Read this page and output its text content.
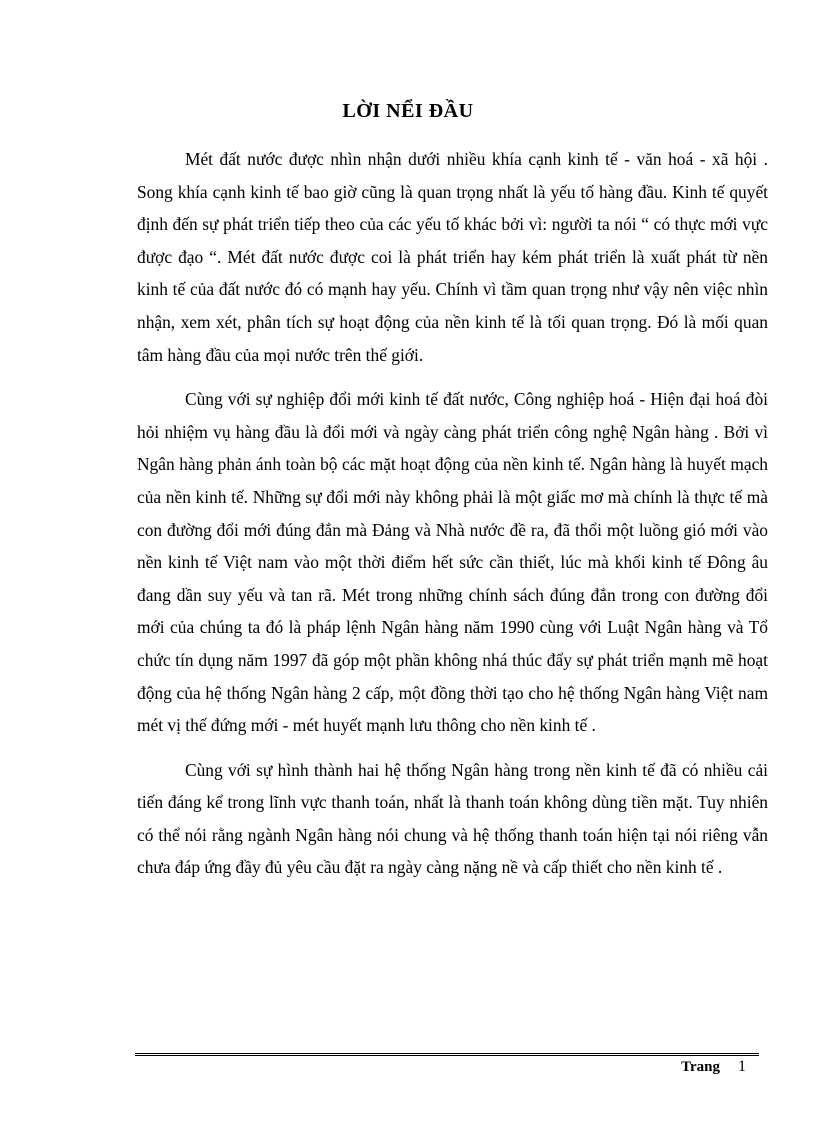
LỜI NỂI ĐẦU

Mét đất nước được nhìn nhận dưới nhiều khía cạnh kinh tế - văn hoá - xã hội . Song khía cạnh kinh tế bao giờ cũng là quan trọng nhất là yếu tố hàng đầu. Kinh tế quyết định đến sự phát triển tiếp theo của các yếu tố khác bởi vì: người ta nói “ có thực mới vực được đạo “. Mét đất nước được coi là phát triển hay kém phát triển là xuất phát từ nền kinh tế của đất nước đó có mạnh hay yếu. Chính vì tầm quan trọng như vậy nên việc nhìn nhận, xem xét, phân tích sự hoạt động của nền kinh tế là tối quan trọng. Đó là mối quan tâm hàng đầu của mọi nước trên thế giới.

Cùng với sự nghiệp đổi mới kinh tế đất nước, Công nghiệp hoá - Hiện đại hoá đòi hỏi nhiệm vụ hàng đầu là đổi mới và ngày càng phát triển công nghệ Ngân hàng . Bởi vì Ngân hàng phản ánh toàn bộ các mặt hoạt động của nền kinh tế. Ngân hàng là huyết mạch của nền kinh tế. Những sự đổi mới này không phải là một giấc mơ mà chính là thực tế mà con đường đổi mới đúng đắn mà Đảng và Nhà nước đề ra, đã thổi một luồng gió mới vào nền kinh tế Việt nam vào một thời điểm hết sức cần thiết, lúc mà khối kinh tế Đông âu đang dần suy yếu và tan rã. Mét trong những chính sách đúng đắn trong con đường đổi mới của chúng ta đó là pháp lệnh Ngân hàng năm 1990 cùng với Luật Ngân hàng và Tổ chức tín dụng năm 1997 đã góp một phần không nhá thúc đẩy sự phát triển mạnh mẽ hoạt động của hệ thống Ngân hàng 2 cấp, một đồng thời tạo cho hệ thống Ngân hàng Việt nam mét vị thế đứng mới - mét huyết mạnh lưu thông cho nền kinh tế .

Cùng với sự hình thành hai hệ thống Ngân hàng trong nền kinh tế đã có nhiều cải tiến đáng kể trong lĩnh vực thanh toán, nhất là thanh toán không dùng tiền mặt. Tuy nhiên có thể nói rằng ngành Ngân hàng nói chung và hệ thống thanh toán hiện tại nói riêng vẫn chưa đáp ứng đầy đủ yêu cầu đặt ra ngày càng nặng nề và cấp thiết cho nền kinh tế .

Trang 1
